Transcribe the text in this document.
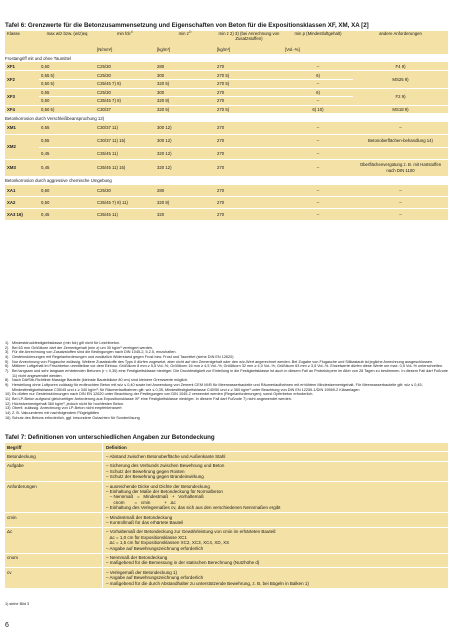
Tafel 6: Grenzwerte für die Betonzusammensetzung und Eigenschaften von Beton für die Expositionsklassen XF, XM, XA [2]
Klasse	max w/z bzw. (w/z)eq	min fck$^{1)}$	$\min z^{2)}$	min z 2) 3) (bei Anrechnung von Zusatzstoffen)	min p (Mindestluftgehalt)	andere Anforderungen
		[N/mm²]	[kg/m³]	[kg/m³]	[Vol.-%]	
Frostangriff mit und ohne Taumittel						
XF1	0,60	C25/30	280	270	–	F4 9)
XF2	0,55 5)	C25/30	300	270 5)	6)	MS25 9)
	0,50 5)	C35/45 7) 8)	320 5)	270 5)	–	
XF3	0,55	C25/30	300	270	6)	F2 9)
	0,50	C35/45 7) 8)	320 8)	270	–	
XF4	0,50 5)	C30/37	320 5)	270 5)	6) 10)	MS18 9)
Betonkorrosion durch Verschleißbeanspruchung 13)						
XM1	0,55	C30/37 11)	300 12)	270	–	–
XM2	0,55	C30/37 11) 15)	300 12)	270	–	Betonoberflächen-behandlung 14)
	0,45	C35/45 11)	320 12)	270	–	
XM3	0,45	C35/45 11) 15)	320 12)	270	–	Oberflächenvergütung z. B. mit Hartstoffen nach DIN 1100
Betonkorrosion durch aggressive chemische Umgebung						
XA1	0,60	C25/30	280	270	–	–
XA2	0,50	C35/45 7) 8) 11)	320 8)	270	–	–
XA3 16)	0,45	C35/45 11)	320	270	–	–
1) Mindestdruckfestigkeitsklasse (min fck) gilt nicht für Leichtbeton.
2) Bei 63 mm Größtkorn darf der Zementgehalt (min z) um 30 kg/m³ verringert werden.
3) Für die Anrechnung von Zusatzstoffen sind die Bedingungen nach DIN 1045-2, 5.2.5, einzuhalten.
4) Gesteinskörnungen mit Regelanforderungen und zusätzlich Widerstand gegen Frost bzw. Frost und Taumittel (siehe DIN EN 12620)
5) Nur Anrechnung von Flugasche zulässig. Weitere Zusatzstoffe des Typs II dürfen zugesetzt, aber nicht auf den Zementgehalt oder den w/z-Wert angerechnet werden. Bei Zugabe von Flugasche und Silikastaub ist jegliche Anrechnung ausgeschlossen.
6) Mittlerer Luftgehalt im Frischbeton unmittelbar vor dem Einbau: Größtkorn 8 mm ≥ 5,5 Vol.-%; Größtkorn 16 mm ≥ 4,5 Vol.-%; Größtkorn 32 mm ≥ 4,0 Vol.-%; Größtkorn 63 mm ≥ 3,5 Vol.-%. Einzelwerte dürfen diese Werte um max. 0,5 Vol.-% unterschreiten.
7) Bei langsam und sehr langsam erhärtenden Betonen (r < 0,30) eine Festigkeitsklasse niedriger. Die Druckfestigkeit zur Einteilung in die Festigkeitsklasse ist auch in diesem Fall an Probekörpern im Alter von 28 Tagen zu bestimmen. In diesem Fall darf Fußnote 11) nicht angewendet werden.
8) Nach DAfStb-Richtlinie Massige Bauteile (kleinste Bauteildicke 80 cm) sind kleinere Grenzwerte möglich.
9) Herstellung ohne Luftporen zulässig für erdfeuchten Beton mit w/z ≤ 0,40 sowie bei Anwendung von Zement CEM I/II/B für Meerwasserbauteile und Räumerlaufbahnen mit erhöhtem Mindestzementgehalt. Für Meerwasserbauteile gilt: w/z ≤ 0,45, Mindestfestigkeitsklasse C35/45 und z ≥ 340 kg/m³; für Räumerlaufbahnen gilt: w/z ≤ 0,35, Mindestfestigkeitsklasse C40/50 und z ≥ 360 kg/m³ unter Beachtung von DIN EN 12255-1/DIN 19569-2 Kläranlagen
10) Es dürfen nur Gesteinskörnungen nach DIN EN 12620 unter Beachtung der Festlegungen von DIN 1045-2 verwendet werden (Regelanforderungen); sonst Opferbeton erforderlich.
11) Bei LP-Beton aufgrund gleichzeitiger Anforderung aus Expositionsklasse XF eine Festigkeitsklasse niedriger. In diesem Fall darf Fußnote 7) nicht angewendet werden.
12) Höchstzementgehalt 360 kg/m³, jedoch nicht für hochfesten Beton.
13) Oberfl. zulässig. Anrechnung von LP-Beton nicht empfehlenswert
14) Z. B. Vakuumieren mit nachfolgendem Flügelglätten
16) Schutz des Betons erforderlich, ggf. besondere Gutachten für Sonderlösung
Tafel 7: Definitionen von unterschiedlichen Angaben zur Betondeckung
Begriff	Definition
Betondeckung	– Abstand zwischen Betonoberfläche und Außenkante Stahl
Aufgabe	– Sicherung des Verbunds zwischen Bewehrung und Beton
– Schutz der Bewehrung gegen Rosten
– Schutz der Bewehrung gegen Brandeinwirkung
Anforderungen	– ausreichende Dicke und Dichte der Betondeckung
– Einhaltung der Maße der Betondeckung für Normalbeton
– Nennmaß   =   Mindestmaß   +   Vorhaltemaß
cnom        =   cmin           +   Δc
– Einhaltung des Verlegemaßes cv, das sich aus den verschiedenen Nennmaßen ergibt
cmin	– Mindestmaß der Betondeckung
– Kontrollmaß für das erhärtete Bauteil
Δc	– Vorhaltemaß der Betondeckung zur Gewährleistung von cmin im erhärteten Bauteil:
Δc = 1,0 cm für Expositionsklasse XC1
Δc = 1,5 cm für Expositionsklassen XC2, XC3, XC4, XD, XS
– Angabe auf Bewehrungszeichnung erforderlich
cnom	– Nennmaß der Betondeckung
– maßgebend für die Bemessung in der statischen Berechnung (Nutzhöhe d)
cv	– Verlegemaß der Betondeckung 1)
– Angabe auf Bewehrungszeichnung erforderlich
– maßgebend für die durch Abstandhalter zu unterstützende Bewehrung, z. B. bei Bügeln in Balken 1)
1) siehe Bild 3
6
